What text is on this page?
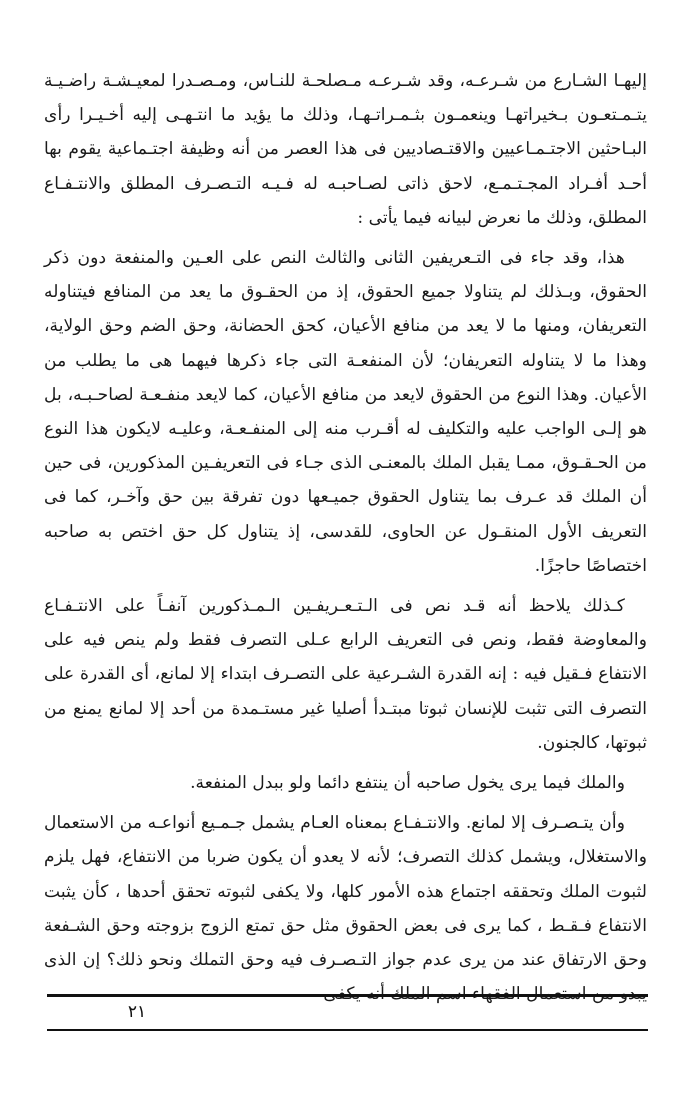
إليهـا الشـارع من شـرعـه، وقد شـرعـه مـصلحـة للنـاس، ومـصـدرا لمعيـشـة راضـيـة يتـمـتعـون بـخيراتهـا وينعمـون بثـمـراتـهـا، وذلك ما يؤيد ما انتـهـى إليه أخـيـرا رأى البـاحثين الاجتـمـاعيين والاقتـصاديين فى هذا العصر من أنه وظيفة اجتـماعية يقوم بها أحـد أفـراد المجـتـمـع، لاحق ذاتى لصـاحبـه له فـيـه التـصـرف المطلق والانتـفـاع المطلق، وذلك ما نعرض لبيانه فيما يأتى :

هذا، وقد جاء فى التـعريفين الثانى والثالث النص على العـين والمنفعة دون ذكر الحقوق، وبـذلك لم يتناولا جميع الحقوق، إذ من الحقـوق ما يعد من المنافع فيتناوله التعريفان، ومنها ما لا يعد من منافع الأعيان، كحق الحضانة، وحق الضم وحق الولاية، وهذا ما لا يتناوله التعريفان؛ لأن المنفعـة التى جاء ذكرها فيهما هى ما يطلب من الأعيان. وهذا النوع من الحقوق لايعد من منافع الأعيان، كما لايعد منفـعـة لصاحـبـه، بل هو إلـى الواجب عليه والتكليف له أقـرب منه إلى المنفـعـة، وعليـه لايكون هذا النوع من الحـقـوق، ممـا يقبل الملك بالمعنـى الذى جـاء فى التعريفـين المذكورين، فى حين أن الملك قد عـرف بما يتناول الحقوق جميـعها دون تفرقة بين حق وآخـر، كما فى التعريف الأول المنقـول عن الحاوى، للقدسى، إذ يتناول كل حق اختص به صاحبه اختصاصًا حاجزًا.

كـذلك يلاحظ أنه قـد نص فى الـتـعـريفـين الـمـذكورين آنفـاً على الانتـفـاع والمعاوضة فقط، ونص فى التعريف الرابع عـلى التصرف فقط ولم ينص فيه على الانتفاع فـقيل فيه : إنه القدرة الشـرعية على التصـرف ابتداء إلا لمانع، أى القدرة على التصرف التى تثبت للإنسان ثبوتا مبتـدأ أصليا غير مستـمدة من أحد إلا لمانع يمنع من ثبوتها، كالجنون.

والملك فيما يرى يخول صاحبه أن ينتفع دائما ولو ببدل المنفعة.

وأن يتـصـرف إلا لمانع. والانتـفـاع بمعناه العـام يشمل جـمـيع أنواعـه من الاستعمال والاستغلال، ويشمل كذلك التصرف؛ لأنه لا يعدو أن يكون ضربا من الانتفاع، فهل يلزم لثبوت الملك وتحققه اجتماع هذه الأمور كلها، ولا يكفى لثبوته تحقق أحدها ، كأن يثبت الانتفاع فـقـط ، كما يرى فى بعض الحقوق مثل حق تمتع الزوج بزوجته وحق الشـفعة وحق الارتفاق عند من يرى عدم جواز التـصـرف فيه وحق التملك ونحو ذلك؟ إن الذى

٢١
